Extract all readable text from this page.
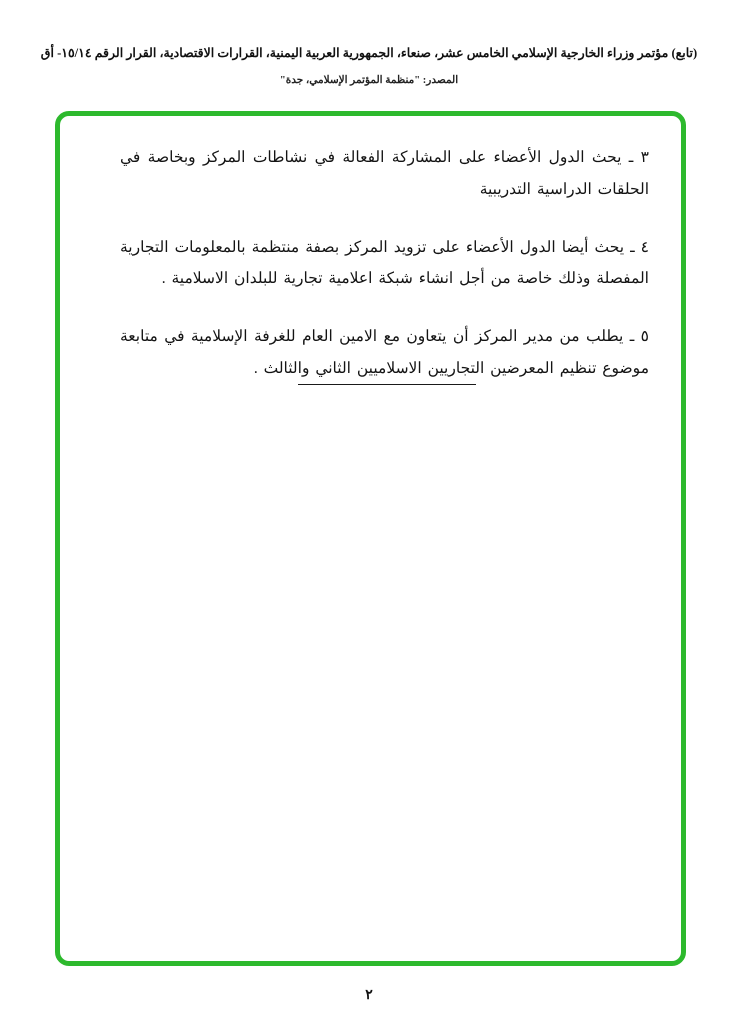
(تابع) مؤتمر وزراء الخارجية الإسلامي الخامس عشر، صنعاء، الجمهورية العربية اليمنية، القرارات الاقتصادية، القرار الرقم ١٥/١٤- أق
المصدر: "منظمة المؤتمر الإسلامي، جدة"

٣ ـ يحث الدول الأعضاء على المشاركة الفعالة في نشاطات المركز وبخاصة في الحلقات الدراسية التدريبية

٤ ـ يحث أيضا الدول الأعضاء على تزويد المركز بصفة منتظمة بالمعلومات التجارية المفصلة وذلك خاصة من أجل انشاء شبكة اعلامية تجارية للبلدان الاسلامية .

٥ ـ يطلب من مدير المركز أن يتعاون مع الامين العام للغرفة الإسلامية في متابعة موضوع تنظيم المعرضين التجاريين الاسلاميين الثاني والثالث .

٢
